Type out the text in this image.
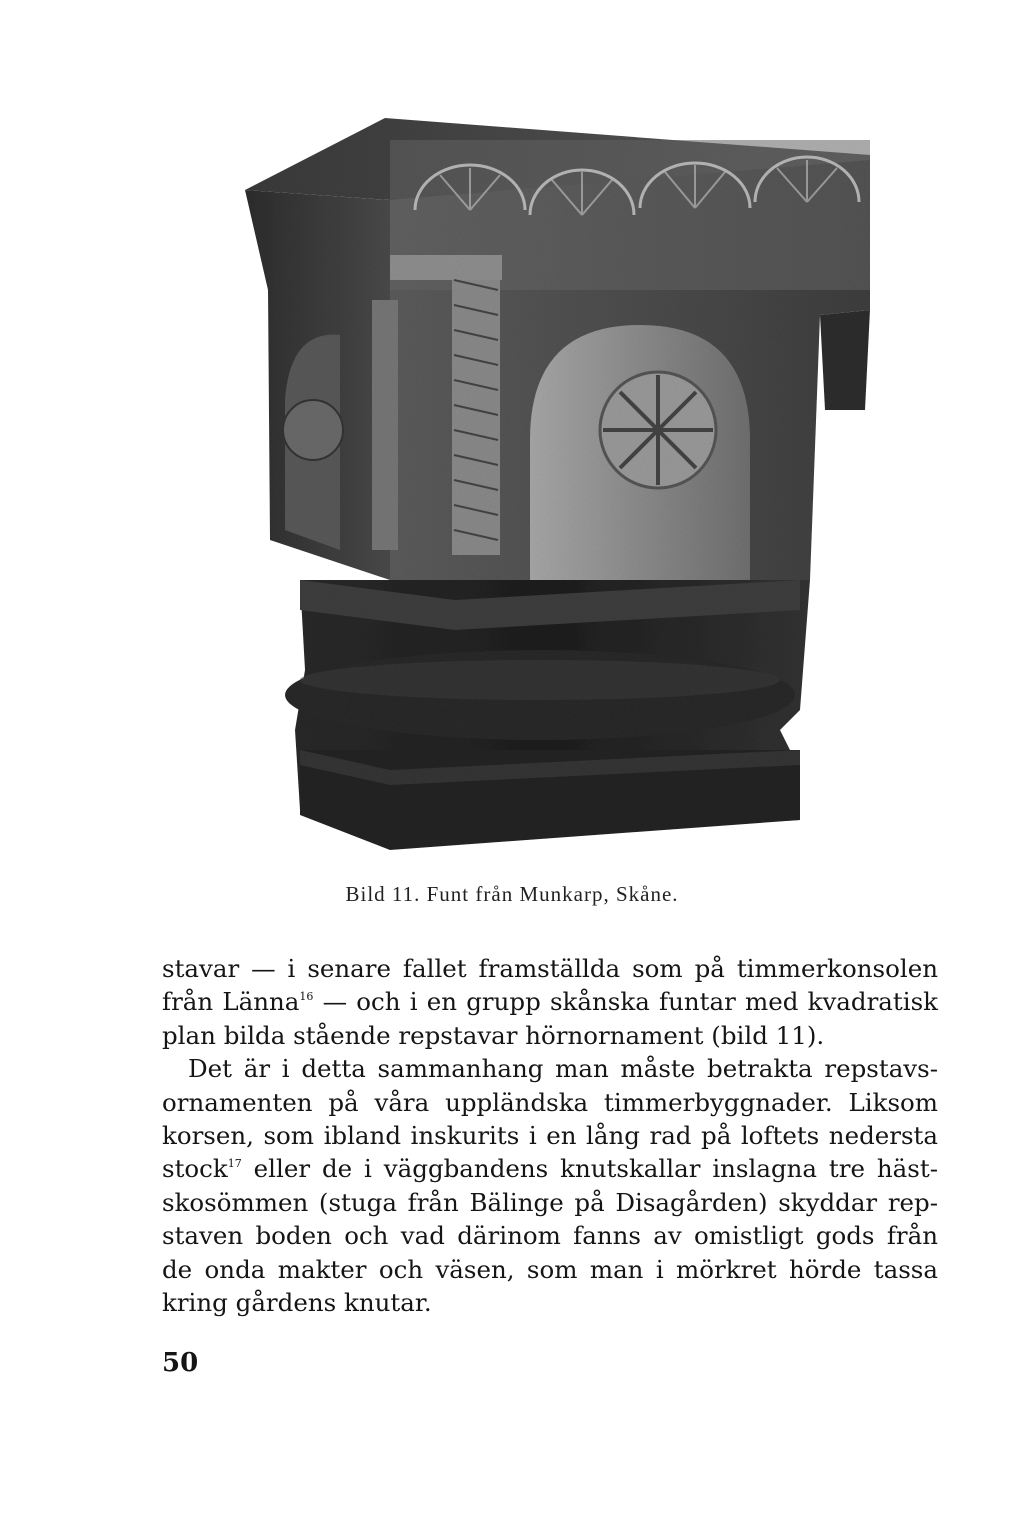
Bild 11. Funt från Munkarp, Skåne.

stavar — i senare fallet framställda som på timmerkonsolen

från Länna$^{16}$ — och i en grupp skånska funtar med kvadratisk

plan bilda stående repstavar hörnornament (bild 11).

Det är i detta sammanhang man måste betrakta repstavs-

ornamenten på våra uppländska timmerbyggnader. Liksom

korsen, som ibland inskurits i en lång rad på loftets nedersta

stock$^{17}$ eller de i väggbandens knutskallar inslagna tre häst-

skosömmen (stuga från Bälinge på Disagården) skyddar rep-

staven boden och vad därinom fanns av omistligt gods från

de onda makter och väsen, som man i mörkret hörde tassa

kring gårdens knutar.

50
